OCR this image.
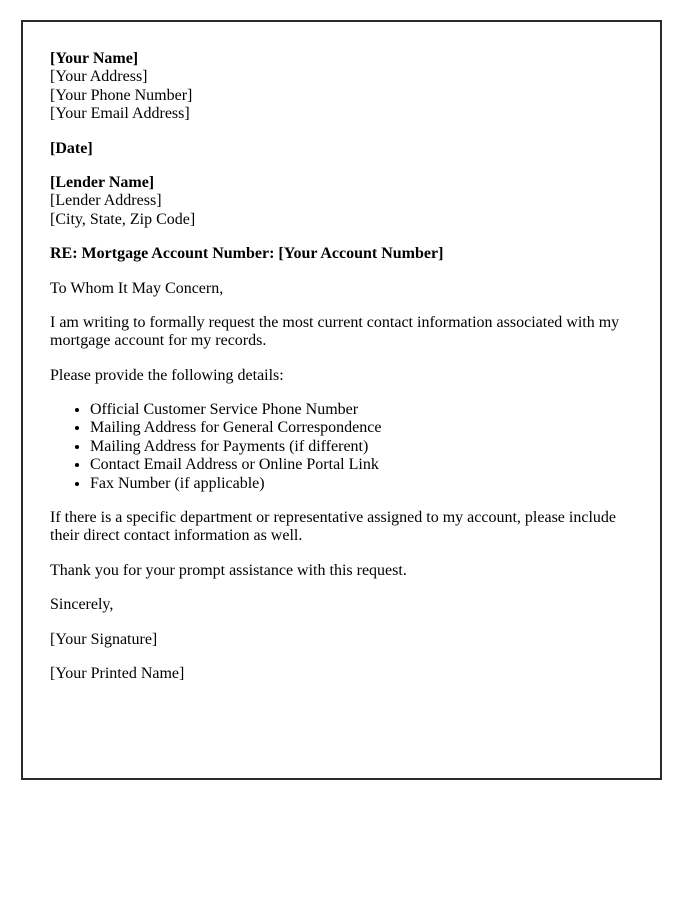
[Your Name]
[Your Address]
[Your Phone Number]
[Your Email Address]

[Date]

[Lender Name]
[Lender Address]
[City, State, Zip Code]

RE: Mortgage Account Number: [Your Account Number]

To Whom It May Concern,

I am writing to formally request the most current contact information associated with my mortgage account for my records.

Please provide the following details:

• Official Customer Service Phone Number
• Mailing Address for General Correspondence
• Mailing Address for Payments (if different)
• Contact Email Address or Online Portal Link
• Fax Number (if applicable)

If there is a specific department or representative assigned to my account, please include their direct contact information as well.

Thank you for your prompt assistance with this request.

Sincerely,

[Your Signature]

[Your Printed Name]
